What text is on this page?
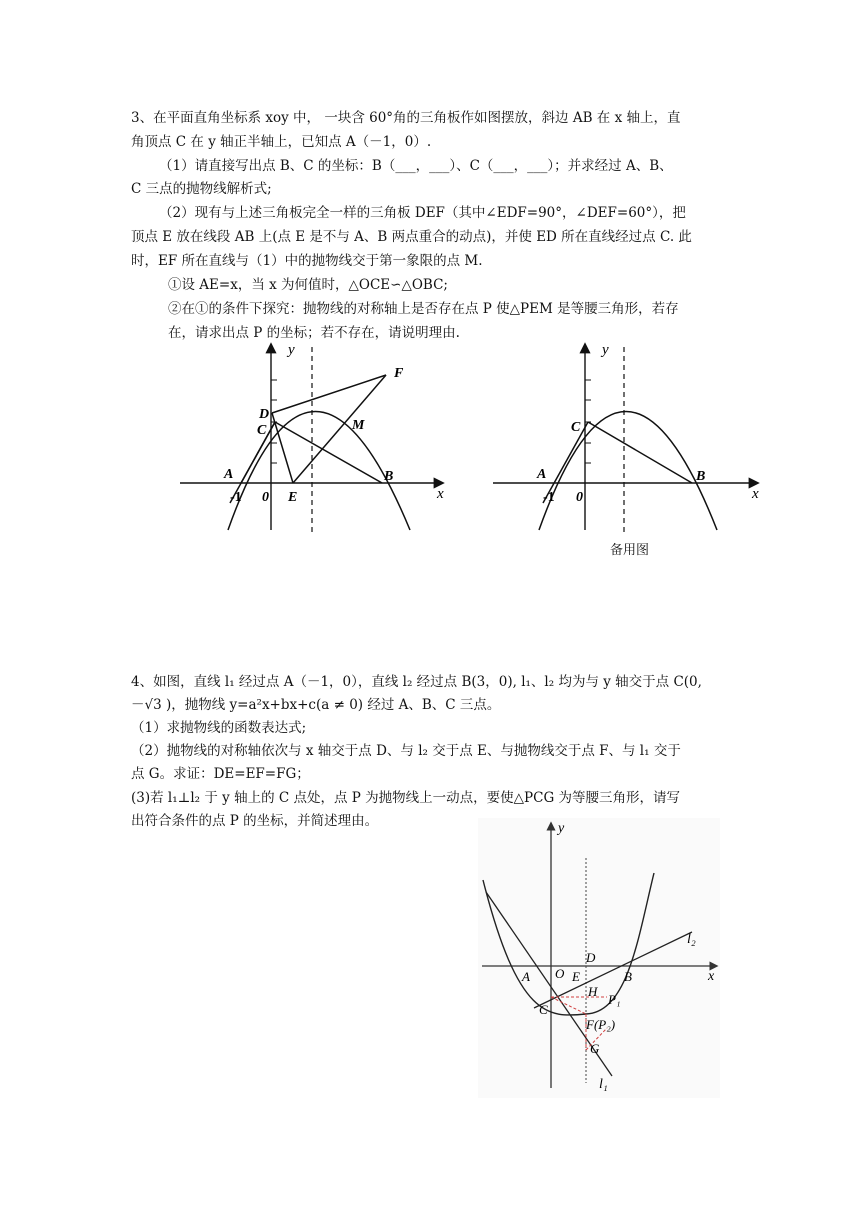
3、在平面直角坐标系 xoy 中， 一块含 60°角的三角板作如图摆放，斜边 AB 在 x 轴上，直
角顶点 C 在 y 轴正半轴上，已知点 A（－1，0）.
（1）请直接写出点 B、C 的坐标：B（___，___）、C（___，___）；并求经过 A、B、
C 三点的抛物线解析式;
（2）现有与上述三角板完全一样的三角板 DEF（其中∠EDF=90°，∠DEF=60°），把
顶点 E 放在线段 AB 上(点 E 是不与 A、B 两点重合的动点)，并使 ED 所在直线经过点 C. 此
时，EF 所在直线与（1）中的抛物线交于第一象限的点 M.
①设 AE=x，当 x 为何值时，△OCE∽△OBC;
②在①的条件下探究：抛物线的对称轴上是否存在点 P 使△PEM 是等腰三角形，若存
在，请求出点 P 的坐标；若不存在，请说明理由.
y
x
F
D
C	M
A	B
-1 0 E
y
x
C
A	B
-1 0
备用图
4、如图，直线 l₁ 经过点 A（－1，0），直线 l₂ 经过点 B(3，0), l₁、l₂ 均为与 y 轴交于点 C(0,
－√3 )，抛物线 y=a²x+bx+c(a ≠ 0) 经过 A、B、C 三点。
（1）求抛物线的函数表达式;
（2）抛物线的对称轴依次与 x 轴交于点 D、与 l₂ 交于点 E、与抛物线交于点 F、与 l₁ 交于
点 G。求证：DE=EF=FG；
(3)若 l₁⊥l₂ 于 y 轴上的 C 点处，点 P 为抛物线上一动点，要使△PCG 为等腰三角形，请写
出符合条件的点 P 的坐标，并简述理由。	y
x
l₂
l₁
A O
D
E	B
H
P₁
C
F(P₂)
G
